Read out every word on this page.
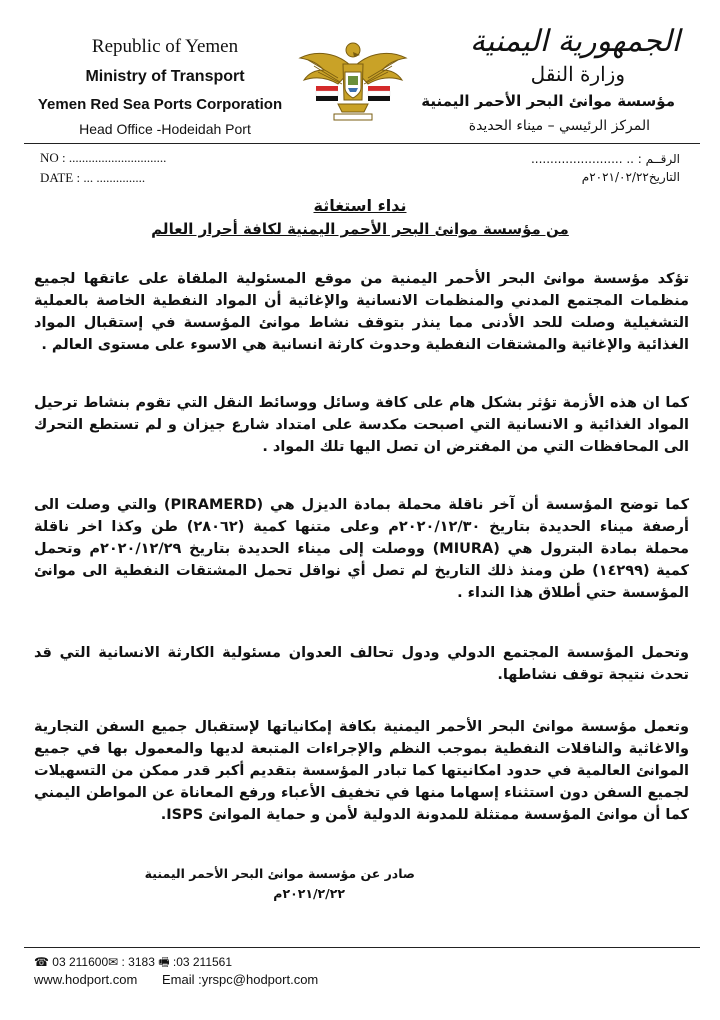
Republic of Yemen
Ministry of Transport
Yemen Red Sea Ports Corporation
Head Office -Hodeidah Port
الجمهورية اليمنية
وزارة النقل
مؤسسة موانئ البحر الأحمر اليمنية
المركز الرئيسي – ميناء الحديدة
NO : ..............................
DATE : ... ...............
الرقــم : .. ........................
التاريخ٢٠٢١/٠٢/٢٢م
نداء استغاثة
من مؤسسة موانئ البحر الأحمر اليمنية لكافة أحرار العالم
تؤكد مؤسسة موانئ البحر الأحمر اليمنية من موقع المسئولية الملقاة على عاتقها لجميع منظمات المجتمع المدني والمنظمات الانسانية والإغاثية أن المواد النفطية الخاصة بالعملية التشغيلية وصلت للحد الأدنى مما ينذر بتوقف نشاط موانئ المؤسسة في إستقبال المواد الغذائية والإغاثية والمشتقات النفطية وحدوث كارثة انسانية هي الاسوء على مستوى العالم .
كما ان هذه الأزمة تؤثر بشكل هام على كافة وسائل ووسائط النقل التي تقوم بنشاط ترحيل المواد الغذائية و الانسانية التي اصبحت مكدسة على امتداد شارع جيزان و لم تستطع التحرك الى المحافظات التي من المفترض ان تصل اليها تلك المواد .
كما توضح المؤسسة أن آخر ناقلة محملة بمادة الديزل هي (PIRAMERD) والتي وصلت الى أرصفة ميناء الحديدة بتاريخ ٢٠٢٠/١٢/٣٠م وعلى متنها كمية (٢٨٠٦٢) طن وكذا اخر ناقلة محملة بمادة البترول هي (MIURA) ووصلت إلى ميناء الحديدة بتاريخ ٢٠٢٠/١٢/٢٩م وتحمل كمية (١٤٢٩٩) طن ومنذ ذلك التاريخ لم تصل أي نواقل تحمل المشتقات النفطية الى موانئ المؤسسة حتي أطلاق هذا النداء .
وتحمل المؤسسة المجتمع الدولي ودول تحالف العدوان مسئولية الكارثة الانسانية التي قد تحدث نتيجة توقف نشاطها.
وتعمل مؤسسة موانئ البحر الأحمر اليمنية بكافة إمكانياتها لإستقبال جميع السفن التجارية والاغاثية والناقلات النفطية بموجب النظم والإجراءات المتبعة لديها والمعمول بها في جميع الموانئ العالمية في حدود امكانيتها كما تبادر المؤسسة بتقديم أكبر قدر ممكن من التسهيلات لجميع السفن دون استثناء إسهاما منها في تخفيف الأعباء ورفع المعاناة عن المواطن اليمني كما أن موانئ المؤسسة ممتثلة للمدونة الدولية لأمن و حماية الموانئ ISPS.
صادر عن مؤسسة موانئ البحر الأحمر اليمنية
٢٠٢١/٢/٢٢م
☎ 03 211600✉ : 3183 🖷 :03 211561
www.hodport.com Email :yrspc@hodport.com
